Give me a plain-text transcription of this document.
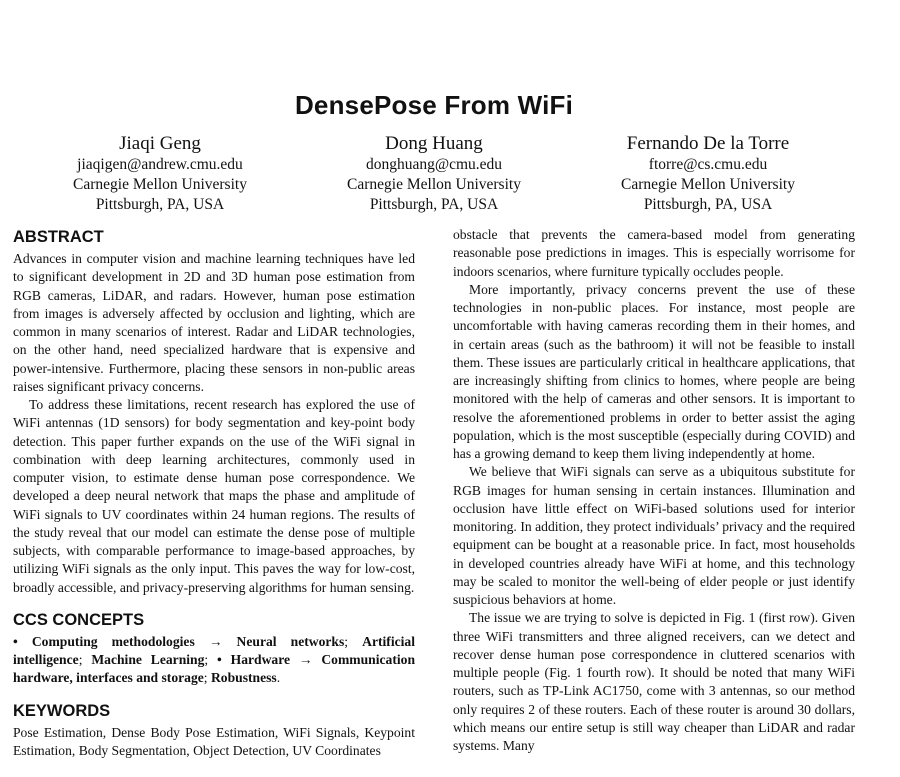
DensePose From WiFi
Jiaqi Geng
jiaqigen@andrew.cmu.edu
Carnegie Mellon University
Pittsburgh, PA, USA
Dong Huang
donghuang@cmu.edu
Carnegie Mellon University
Pittsburgh, PA, USA
Fernando De la Torre
ftorre@cs.cmu.edu
Carnegie Mellon University
Pittsburgh, PA, USA
ABSTRACT

Advances in computer vision and machine learning techniques have led to significant development in 2D and 3D human pose estimation from RGB cameras, LiDAR, and radars. However, human pose estimation from images is adversely affected by occlusion and lighting, which are common in many scenarios of interest. Radar and LiDAR technologies, on the other hand, need specialized hardware that is expensive and power-intensive. Furthermore, placing these sensors in non-public areas raises significant privacy concerns.

To address these limitations, recent research has explored the use of WiFi antennas (1D sensors) for body segmentation and key-point body detection. This paper further expands on the use of the WiFi signal in combination with deep learning architectures, commonly used in computer vision, to estimate dense human pose correspondence. We developed a deep neural network that maps the phase and amplitude of WiFi signals to UV coordinates within 24 human regions. The results of the study reveal that our model can estimate the dense pose of multiple subjects, with comparable performance to image-based approaches, by utilizing WiFi signals as the only input. This paves the way for low-cost, broadly accessible, and privacy-preserving algorithms for human sensing.

CCS CONCEPTS

• Computing methodologies → Neural networks; Artificial intelligence; Machine Learning; • Hardware → Communication hardware, interfaces and storage; Robustness.

KEYWORDS

Pose Estimation, Dense Body Pose Estimation, WiFi Signals, Keypoint Estimation, Body Segmentation, Object Detection, UV Coordinates

obstacle that prevents the camera-based model from generating reasonable pose predictions in images. This is especially worrisome for indoors scenarios, where furniture typically occludes people.

More importantly, privacy concerns prevent the use of these technologies in non-public places. For instance, most people are uncomfortable with having cameras recording them in their homes, and in certain areas (such as the bathroom) it will not be feasible to install them. These issues are particularly critical in healthcare applications, that are increasingly shifting from clinics to homes, where people are being monitored with the help of cameras and other sensors. It is important to resolve the aforementioned problems in order to better assist the aging population, which is the most susceptible (especially during COVID) and has a growing demand to keep them living independently at home.

We believe that WiFi signals can serve as a ubiquitous substitute for RGB images for human sensing in certain instances. Illumination and occlusion have little effect on WiFi-based solutions used for interior monitoring. In addition, they protect individuals’ privacy and the required equipment can be bought at a reasonable price. In fact, most households in developed countries already have WiFi at home, and this technology may be scaled to monitor the well-being of elder people or just identify suspicious behaviors at home.

The issue we are trying to solve is depicted in Fig. 1 (first row). Given three WiFi transmitters and three aligned receivers, can we detect and recover dense human pose correspondence in cluttered scenarios with multiple people (Fig. 1 fourth row). It should be noted that many WiFi routers, such as TP-Link AC1750, come with 3 antennas, so our method only requires 2 of these routers. Each of these router is around 30 dollars, which means our entire setup is still way cheaper than LiDAR and radar systems. Many
